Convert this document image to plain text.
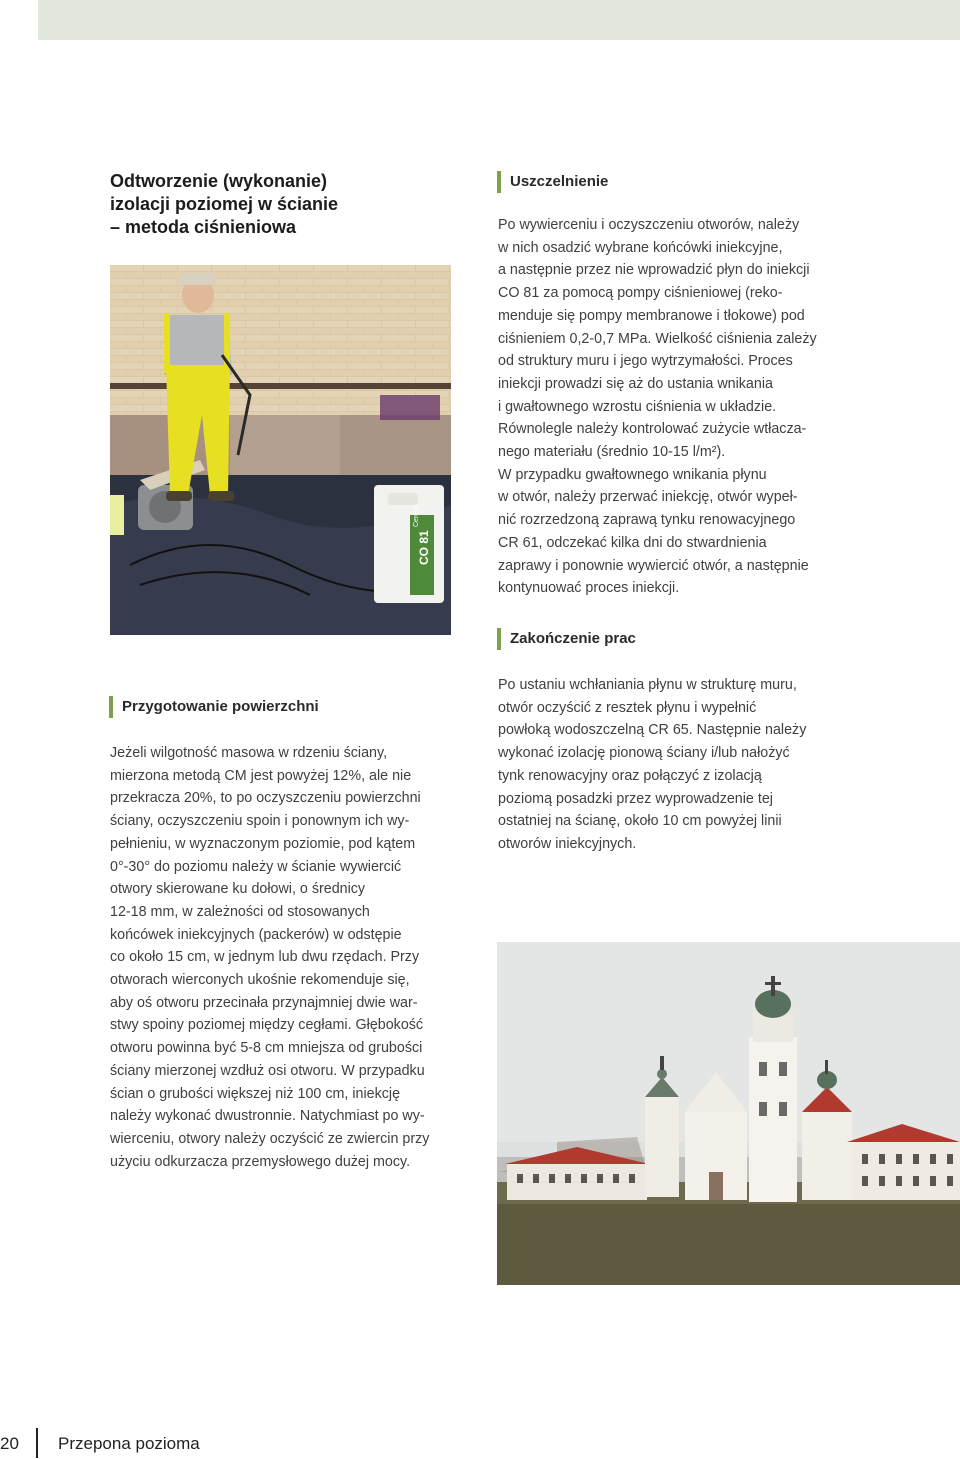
Odtworzenie (wykonanie)
izolacji poziomej w ścianie
– metoda ciśnieniowa
CO 81
Ceresit
Uszczelnienie
Po wywierceniu i oczyszczeniu otworów, należy
w nich osadzić wybrane końcówki iniekcyjne,
a następnie przez nie wprowadzić płyn do iniekcji
CO 81 za pomocą pompy ciśnieniowej (reko-
menduje się pompy membranowe i tłokowe) pod
ciśnieniem 0,2-0,7 MPa. Wielkość ciśnienia zależy
od struktury muru i jego wytrzymałości. Proces
iniekcji prowadzi się aż do ustania wnikania
i gwałtownego wzrostu ciśnienia w układzie.
Równolegle należy kontrolować zużycie wtłacza-
nego materiału (średnio 10-15 l/m²).
W przypadku gwałtownego wnikania płynu
w otwór, należy przerwać iniekcję, otwór wypeł-
nić rozrzedzoną zaprawą tynku renowacyjnego
CR 61, odczekać kilka dni do stwardnienia
zaprawy i ponownie wywiercić otwór, a następnie
kontynuować proces iniekcji.
Zakończenie prac
Po ustaniu wchłaniania płynu w strukturę muru,
otwór oczyścić z resztek płynu i wypełnić
powłoką wodoszczelną CR 65. Następnie należy
wykonać izolację pionową ściany i/lub nałożyć
tynk renowacyjny oraz połączyć z izolacją
poziomą posadzki przez wyprowadzenie tej
ostatniej na ścianę, około 10 cm powyżej linii
otworów iniekcyjnych.
Przygotowanie powierzchni
Jeżeli wilgotność masowa w rdzeniu ściany,
mierzona metodą CM jest powyżej 12%, ale nie
przekracza 20%, to po oczyszczeniu powierzchni
ściany, oczyszczeniu spoin i ponownym ich wy-
pełnieniu, w wyznaczonym poziomie, pod kątem
0°-30° do poziomu należy w ścianie wywiercić
otwory skierowane ku dołowi, o średnicy
12-18 mm, w zależności od stosowanych
końcówek iniekcyjnych (packerów) w odstępie
co około 15 cm, w jednym lub dwu rzędach. Przy
otworach wierconych ukośnie rekomenduje się,
aby oś otworu przecinała przynajmniej dwie war-
stwy spoiny poziomej między cegłami. Głębokość
otworu powinna być 5-8 cm mniejsza od grubości
ściany mierzonej wzdłuż osi otworu. W przypadku
ścian o grubości większej niż 100 cm, iniekcję
należy wykonać dwustronnie. Natychmiast po wy-
wierceniu, otwory należy oczyścić ze zwiercin przy
użyciu odkurzacza przemysłowego dużej mocy.
20 Przepona pozioma
